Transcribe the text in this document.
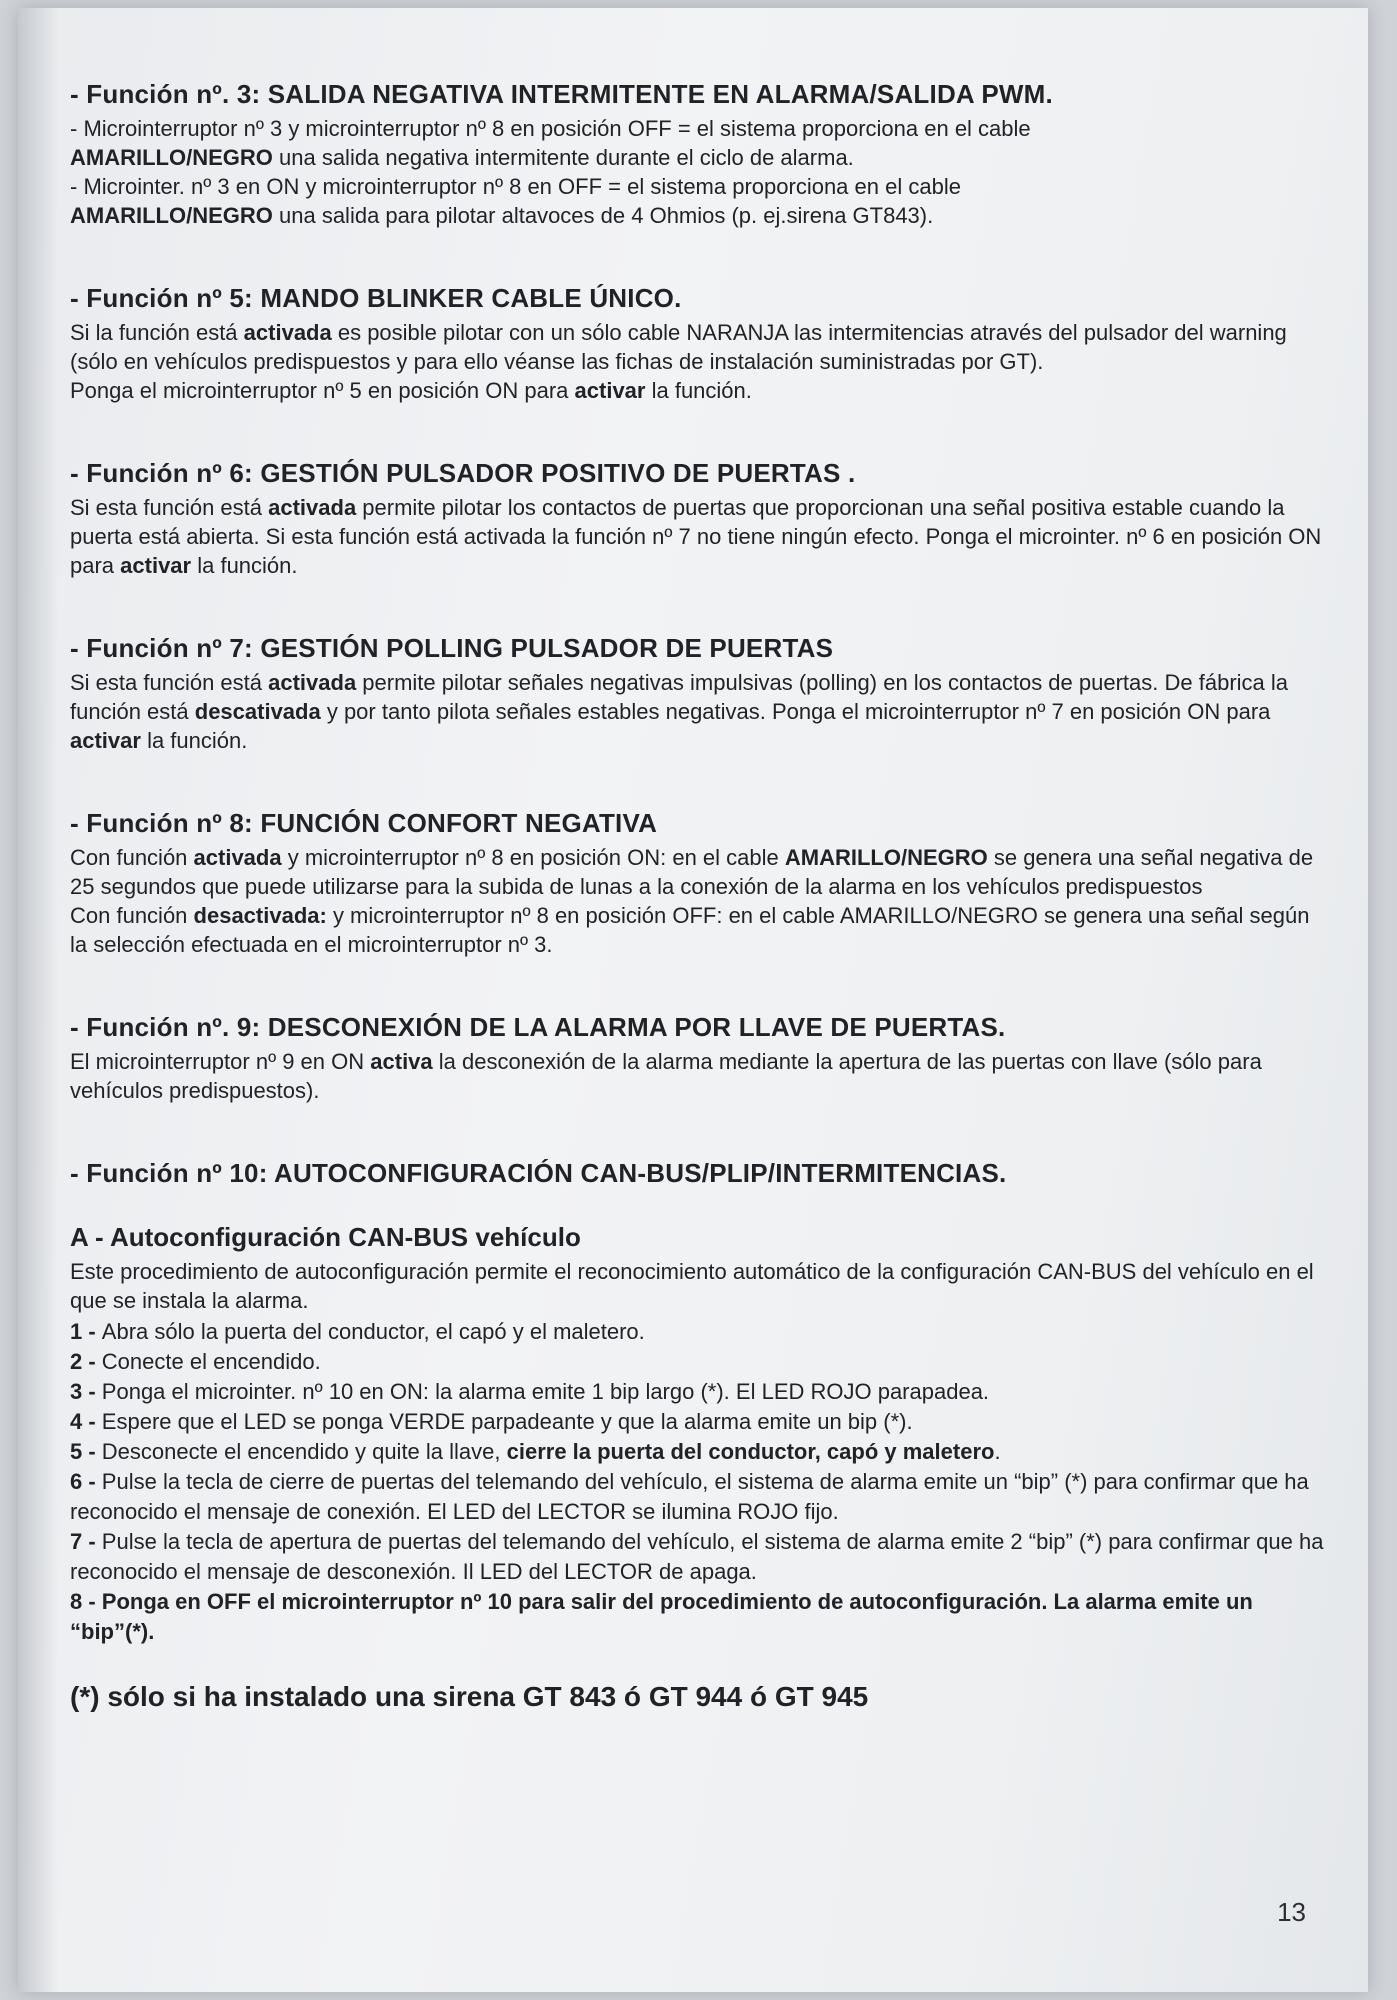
- Función nº. 3: SALIDA NEGATIVA INTERMITENTE EN ALARMA/SALIDA PWM.

- Microinterruptor nº 3 y microinterruptor nº 8 en posición OFF = el sistema proporciona en el cable

AMARILLO/NEGRO una salida negativa intermitente durante el ciclo de alarma.

- Microinter. nº 3 en ON y microinterruptor nº 8 en OFF = el sistema proporciona en el cable

AMARILLO/NEGRO una salida para pilotar altavoces de 4 Ohmios (p. ej.sirena GT843).

- Función nº 5: MANDO BLINKER CABLE ÚNICO.

Si la función está activada es posible pilotar con un sólo cable NARANJA las intermitencias através del pulsador del warning (sólo en vehículos predispuestos y para ello véanse las fichas de instalación suministradas por GT).

Ponga el microinterruptor nº 5 en posición ON para activar la función.

- Función nº 6: GESTIÓN PULSADOR POSITIVO DE PUERTAS .

Si esta función está activada permite pilotar los contactos de puertas que proporcionan una señal positiva estable cuando la puerta está abierta. Si esta función está activada la función nº 7 no tiene ningún efecto. Ponga el microinter. nº 6 en posición ON para activar la función.

- Función nº 7: GESTIÓN POLLING PULSADOR DE PUERTAS

Si esta función está activada permite pilotar señales negativas impulsivas (polling) en los contactos de puertas. De fábrica la función está descativada y por tanto pilota señales estables negativas. Ponga el microinterruptor nº 7 en posición ON para activar la función.

- Función nº 8: FUNCIÓN CONFORT NEGATIVA

Con función activada y microinterruptor nº 8 en posición ON: en el cable AMARILLO/NEGRO se genera una señal negativa de 25 segundos que puede utilizarse para la subida de lunas a la conexión de la alarma en los vehículos predispuestos

Con función desactivada: y microinterruptor nº 8 en posición OFF: en el cable AMARILLO/NEGRO se genera una señal según la selección efectuada en el microinterruptor nº 3.

- Función nº. 9: DESCONEXIÓN DE LA ALARMA POR LLAVE DE PUERTAS.

El microinterruptor nº 9 en ON activa la desconexión de la alarma mediante la apertura de las puertas con llave (sólo para vehículos predispuestos).

- Función nº 10: AUTOCONFIGURACIÓN CAN-BUS/PLIP/INTERMITENCIAS.
A - Autoconfiguración CAN-BUS vehículo

Este procedimiento de autoconfiguración permite el reconocimiento automático de la configuración CAN-BUS del vehículo en el que se instala la alarma.

1 - Abra sólo la puerta del conductor, el capó y el maletero.
2 - Conecte el encendido.
3 - Ponga el microinter. nº 10 en ON: la alarma emite 1 bip largo (*). El LED ROJO parapadea.
4 - Espere que el LED se ponga VERDE parpadeante y que la alarma emite un bip (*).
5 - Desconecte el encendido y quite la llave, cierre la puerta del conductor, capó y maletero.
6 - Pulse la tecla de cierre de puertas del telemando del vehículo, el sistema de alarma emite un “bip” (*) para confirmar que ha reconocido el mensaje de conexión. El LED del LECTOR se ilumina ROJO fijo.
7 - Pulse la tecla de apertura de puertas del telemando del vehículo, el sistema de alarma emite 2 “bip” (*) para confirmar que ha reconocido el mensaje de desconexión. Il LED del LECTOR de apaga.
8 - Ponga en OFF el microinterruptor nº 10 para salir del procedimiento de autoconfiguración. La alarma emite un “bip”(*).
(*) sólo si ha instalado una sirena GT 843 ó GT 944 ó GT 945
13
